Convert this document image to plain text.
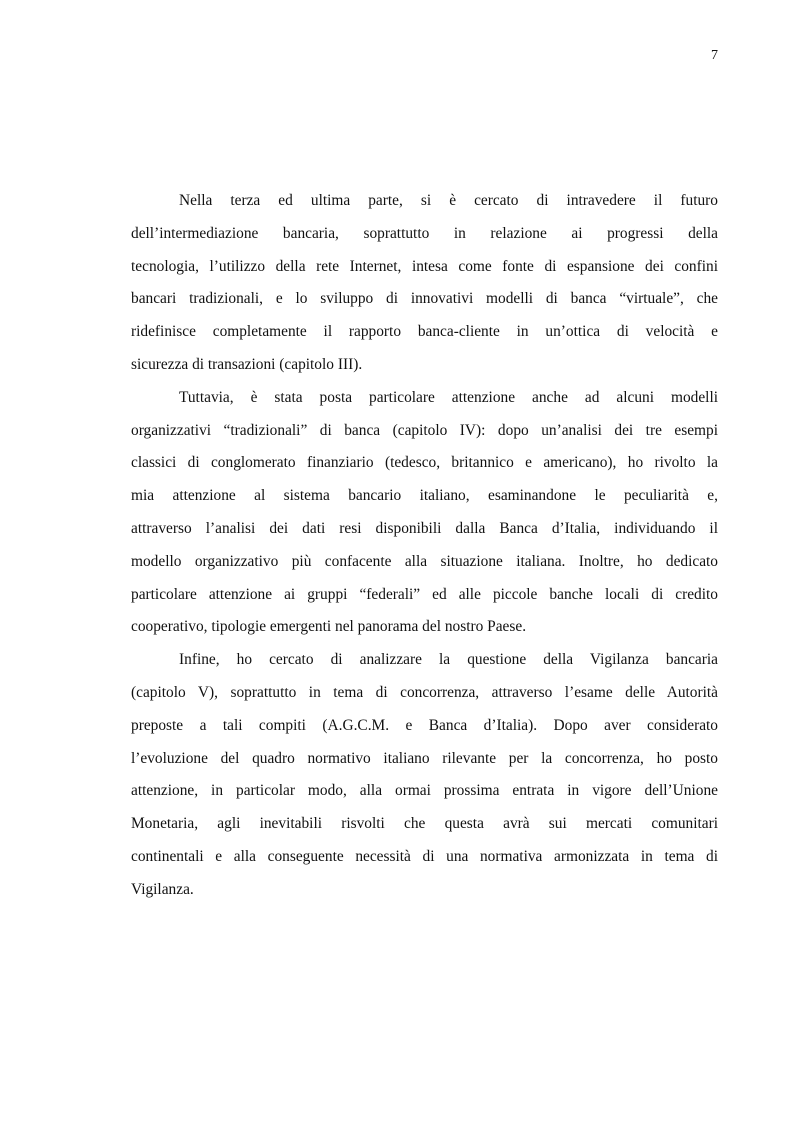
7
Nella terza ed ultima parte, si è cercato di intravedere il futuro
dell’intermediazione bancaria, soprattutto in relazione ai progressi della
tecnologia, l’utilizzo della rete Internet, intesa come fonte di espansione dei confini
bancari tradizionali, e lo sviluppo di innovativi modelli di banca “virtuale”, che
ridefinisce completamente il rapporto banca-cliente in un’ottica di velocità e
sicurezza di transazioni (capitolo III).
Tuttavia, è stata posta particolare attenzione anche ad alcuni modelli
organizzativi “tradizionali” di banca (capitolo IV): dopo un’analisi dei tre esempi
classici di conglomerato finanziario (tedesco, britannico e americano), ho rivolto la
mia attenzione al sistema bancario italiano, esaminandone le peculiarità e,
attraverso l’analisi dei dati resi disponibili dalla Banca d’Italia, individuando il
modello organizzativo più confacente alla situazione italiana. Inoltre, ho dedicato
particolare attenzione ai gruppi “federali” ed alle piccole banche locali di credito
cooperativo, tipologie emergenti nel panorama del nostro Paese.
Infine, ho cercato di analizzare la questione della Vigilanza bancaria
(capitolo V), soprattutto in tema di concorrenza, attraverso l’esame delle Autorità
preposte a tali compiti (A.G.C.M. e Banca d’Italia). Dopo aver considerato
l’evoluzione del quadro normativo italiano rilevante per la concorrenza, ho posto
attenzione, in particolar modo, alla ormai prossima entrata in vigore dell’Unione
Monetaria, agli inevitabili risvolti che questa avrà sui mercati comunitari
continentali e alla conseguente necessità di una normativa armonizzata in tema di
Vigilanza.
